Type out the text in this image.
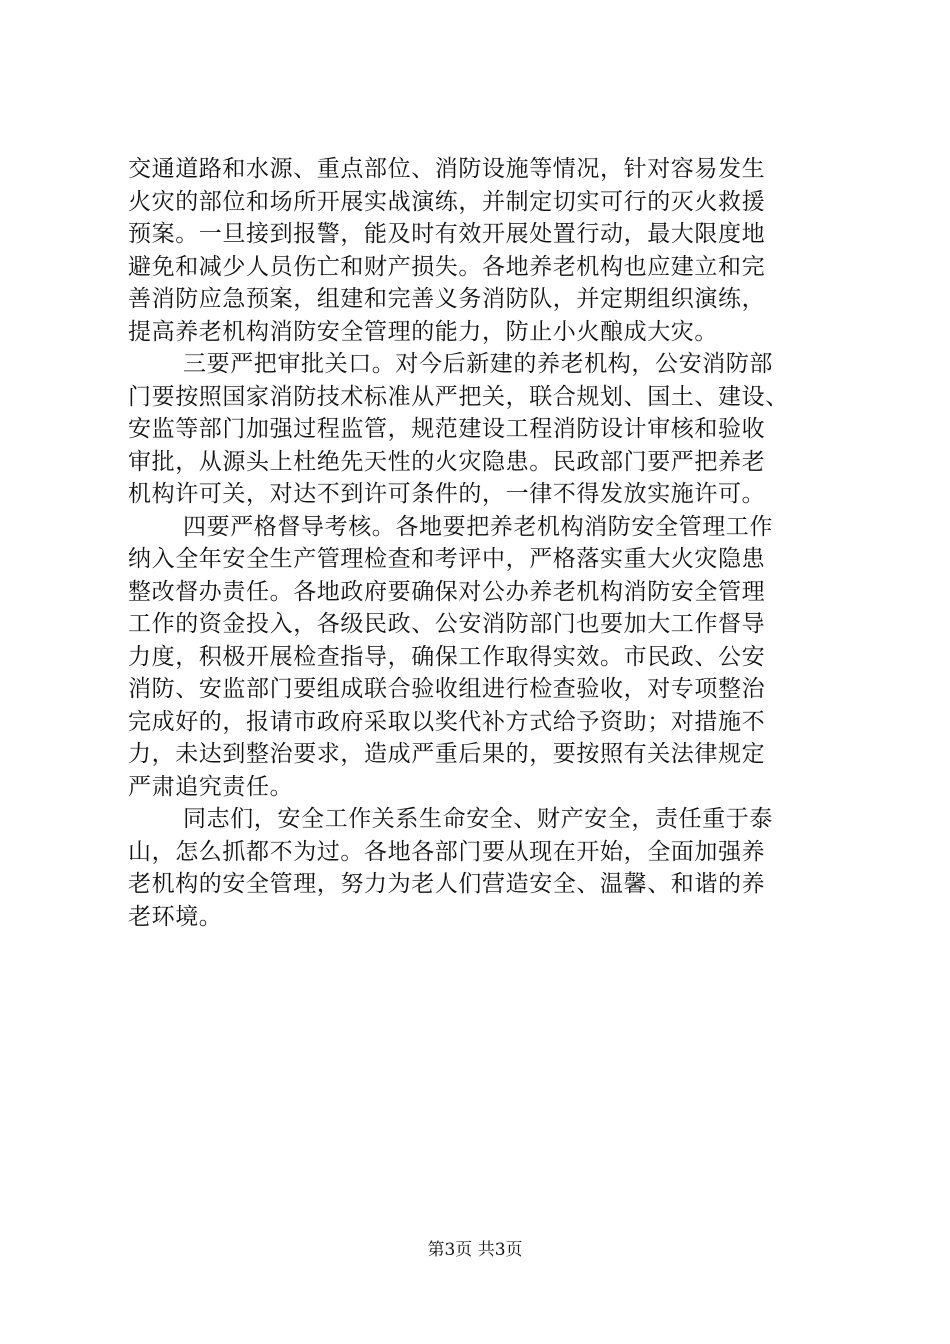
交通道路和水源、重点部位、消防设施等情况，针对容易发生
火灾的部位和场所开展实战演练，并制定切实可行的灭火救援
预案。一旦接到报警，能及时有效开展处置行动，最大限度地
避免和减少人员伤亡和财产损失。各地养老机构也应建立和完
善消防应急预案，组建和完善义务消防队，并定期组织演练，
提高养老机构消防安全管理的能力，防止小火酿成大灾。
三要严把审批关口。对今后新建的养老机构，公安消防部
门要按照国家消防技术标准从严把关，联合规划、国土、建设、
安监等部门加强过程监管，规范建设工程消防设计审核和验收
审批，从源头上杜绝先天性的火灾隐患。民政部门要严把养老
机构许可关，对达不到许可条件的，一律不得发放实施许可。
四要严格督导考核。各地要把养老机构消防安全管理工作
纳入全年安全生产管理检查和考评中，严格落实重大火灾隐患
整改督办责任。各地政府要确保对公办养老机构消防安全管理
工作的资金投入，各级民政、公安消防部门也要加大工作督导
力度，积极开展检查指导，确保工作取得实效。市民政、公安
消防、安监部门要组成联合验收组进行检查验收，对专项整治
完成好的，报请市政府采取以奖代补方式给予资助；对措施不
力，未达到整治要求，造成严重后果的，要按照有关法律规定
严肃追究责任。
同志们，安全工作关系生命安全、财产安全，责任重于泰
山，怎么抓都不为过。各地各部门要从现在开始，全面加强养
老机构的安全管理，努力为老人们营造安全、温馨、和谐的养
老环境。
第3页 共3页
